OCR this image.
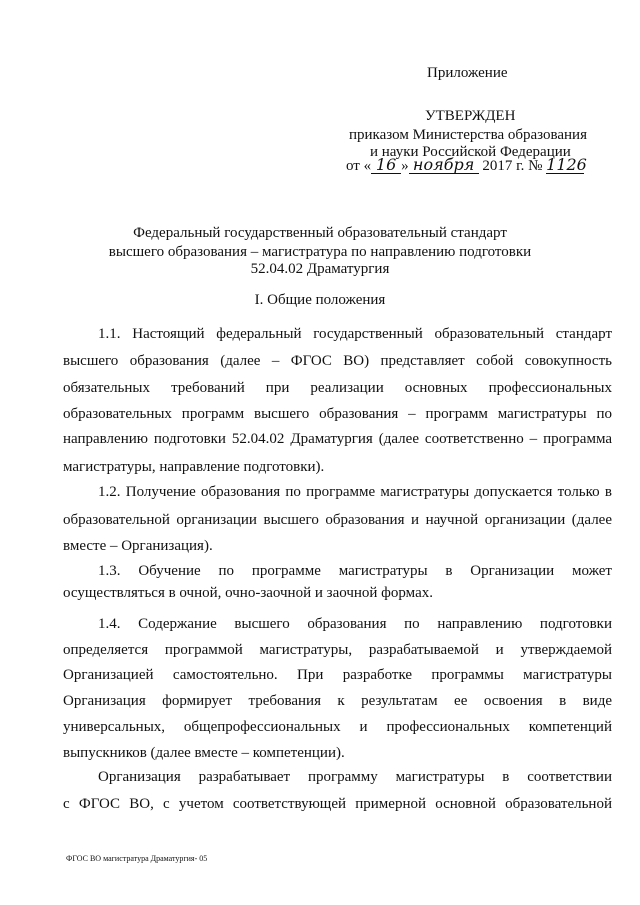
Приложение
УТВЕРЖДЕН
приказом Министерства образования
и науки Российской Федерации
от « 16 » ноября 2017 г. № 1126
Федеральный государственный образовательный стандарт
высшего образования – магистратура по направлению подготовки
52.04.02 Драматургия
I. Общие положения
1.1. Настоящий федеральный государственный образовательный стандарт
высшего образования (далее – ФГОС ВО) представляет собой совокупность
обязательных требований при реализации основных профессиональных
образовательных программ высшего образования – программ магистратуры по
направлению подготовки 52.04.02 Драматургия (далее соответственно – программа
магистратуры, направление подготовки).
1.2. Получение образования по программе магистратуры допускается только в
образовательной организации высшего образования и научной организации (далее
вместе – Организация).
1.3. Обучение по программе магистратуры в Организации может
осуществляться в очной, очно-заочной и заочной формах.
1.4. Содержание высшего образования по направлению подготовки
определяется программой магистратуры, разрабатываемой и утверждаемой
Организацией самостоятельно. При разработке программы магистратуры
Организация формирует требования к результатам ее освоения в виде
универсальных, общепрофессиональных и профессиональных компетенций
выпускников (далее вместе – компетенции).
Организация разрабатывает программу магистратуры в соответствии
с ФГОС ВО, с учетом соответствующей примерной основной образовательной
ФГОС ВО магистратура Драматургия- 05
